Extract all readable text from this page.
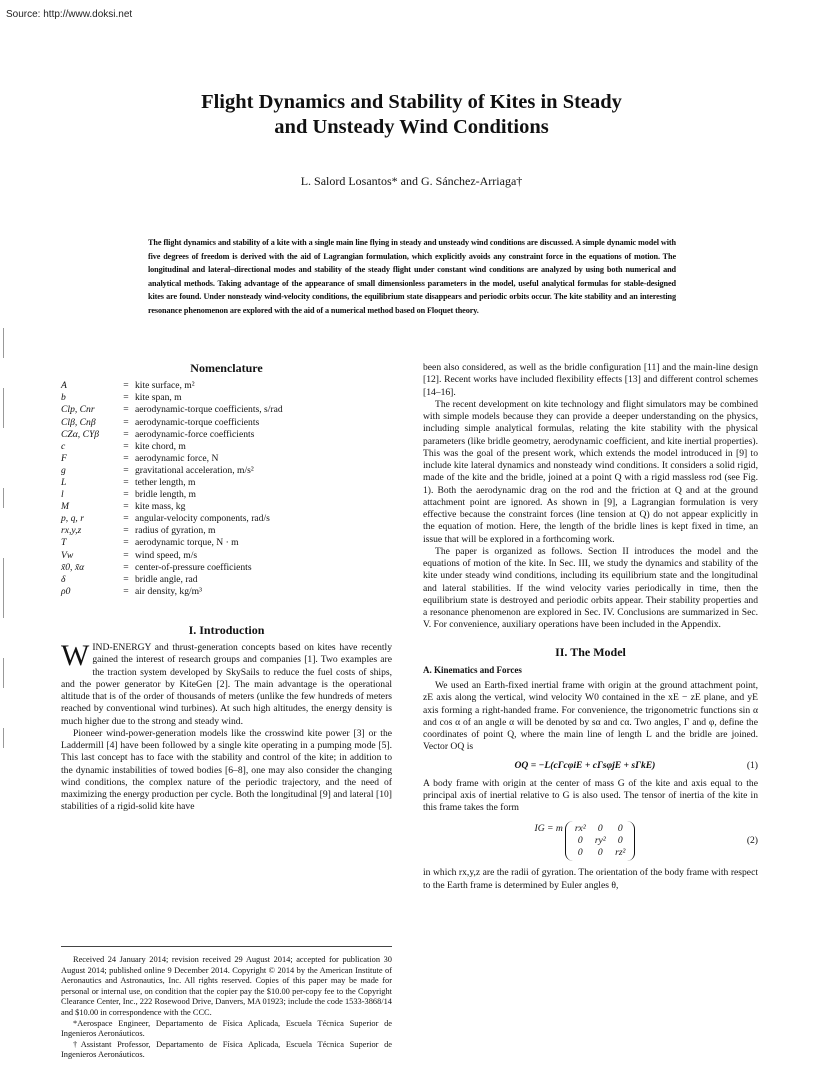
Source: http://www.doksi.net
Flight Dynamics and Stability of Kites in Steady
and Unsteady Wind Conditions
L. Salord Losantos* and G. Sánchez-Arriaga†
The flight dynamics and stability of a kite with a single main line flying in steady and unsteady wind conditions are discussed. A simple dynamic model with five degrees of freedom is derived with the aid of Lagrangian formulation, which explicitly avoids any constraint force in the equations of motion. The longitudinal and lateral–directional modes and stability of the steady flight under constant wind conditions are analyzed by using both numerical and analytical methods. Taking advantage of the appearance of small dimensionless parameters in the model, useful analytical formulas for stable-designed kites are found. Under nonsteady wind-velocity conditions, the equilibrium state disappears and periodic orbits occur. The kite stability and an interesting resonance phenomenon are explored with the aid of a numerical method based on Floquet theory.
Nomenclature
A	= kite surface, m²
b	= kite span, m
Clp, Cnr	= aerodynamic-torque coefficients, s/rad
Clβ, Cnβ	= aerodynamic-torque coefficients
CZα, CYβ	= aerodynamic-force coefficients
c	= kite chord, m
F	= aerodynamic force, N
g	= gravitational acceleration, m/s²
L	= tether length, m
l	= bridle length, m
M	= kite mass, kg
p, q, r	= angular-velocity components, rad/s
rx,y,z	= radius of gyration, m
T	= aerodynamic torque, N · m
Vw	= wind speed, m/s
x̃0, x̃α	= center-of-pressure coefficients
δ	= bridle angle, rad
ρ0	= air density, kg/m³
I. Introduction

WIND-ENERGY and thrust-generation concepts based on kites have recently gained the interest of research groups and companies [1]. Two examples are the traction system developed by SkySails to reduce the fuel costs of ships, and the power generator by KiteGen [2]. The main advantage is the operational altitude that is of the order of thousands of meters (unlike the few hundreds of meters reached by conventional wind turbines). At such high altitudes, the energy density is much higher due to the strong and steady wind.

Pioneer wind-power-generation models like the crosswind kite power [3] or the Laddermill [4] have been followed by a single kite operating in a pumping mode [5]. This last concept has to face with the stability and control of the kite; in addition to the dynamic instabilities of towed bodies [6–8], one may also consider the changing wind conditions, the complex nature of the periodic trajectory, and the need of maximizing the energy production per cycle. Both the longitudinal [9] and lateral [10] stabilities of a rigid-solid kite have

Received 24 January 2014; revision received 29 August 2014; accepted for publication 30 August 2014; published online 9 December 2014. Copyright © 2014 by the American Institute of Aeronautics and Astronautics, Inc. All rights reserved. Copies of this paper may be made for personal or internal use, on condition that the copier pay the $10.00 per-copy fee to the Copyright Clearance Center, Inc., 222 Rosewood Drive, Danvers, MA 01923; include the code 1533-3868/14 and $10.00 in correspondence with the CCC.

*Aerospace Engineer, Departamento de Física Aplicada, Escuela Técnica Superior de Ingenieros Aeronáuticos.

†Assistant Professor, Departamento de Física Aplicada, Escuela Técnica Superior de Ingenieros Aeronáuticos.

been also considered, as well as the bridle configuration [11] and the main-line design [12]. Recent works have included flexibility effects [13] and different control schemes [14–16].

The recent development on kite technology and flight simulators may be combined with simple models because they can provide a deeper understanding on the physics, including simple analytical formulas, relating the kite stability with the physical parameters (like bridle geometry, aerodynamic coefficient, and kite inertial properties). This was the goal of the present work, which extends the model introduced in [9] to include kite lateral dynamics and nonsteady wind conditions. It considers a solid rigid, made of the kite and the bridle, joined at a point Q with a rigid massless rod (see Fig. 1). Both the aerodynamic drag on the rod and the friction at Q and at the ground attachment point are ignored. As shown in [9], a Lagrangian formulation is very effective because the constraint forces (line tension at Q) do not appear explicitly in the equation of motion. Here, the length of the bridle lines is kept fixed in time, an issue that will be explored in a forthcoming work.

The paper is organized as follows. Section II introduces the model and the equations of motion of the kite. In Sec. III, we study the dynamics and stability of the kite under steady wind conditions, including its equilibrium state and the longitudinal and lateral stabilities. If the wind velocity varies periodically in time, then the equilibrium state is destroyed and periodic orbits appear. Their stability properties and a resonance phenomenon are explored in Sec. IV. Conclusions are summarized in Sec. V. For convenience, auxiliary operations have been included in the Appendix.

II. The Model
A. Kinematics and Forces

We used an Earth-fixed inertial frame with origin at the ground attachment point, zE axis along the vertical, wind velocity W0 contained in the xE − zE plane, and yE axis forming a right-handed frame. For convenience, the trigonometric functions sin α and cos α of an angle α will be denoted by sα and cα. Two angles, Γ and φ, define the coordinates of point Q, where the main line of length L and the bridle are joined. Vector OQ is

OQ = −L(cΓcφiE + cΓsφjE + sΓkE)	(1)

A body frame with origin at the center of mass G of the kite and axis equal to the principal axis of inertial relative to G is also used. The tensor of inertia of the kite in this frame takes the form

IG = m	rx²	0	0
0	ry²	0
0	0	rz²
(2)

in which rx,y,z are the radii of gyration. The orientation of the body frame with respect to the Earth frame is determined by Euler angles θ,
